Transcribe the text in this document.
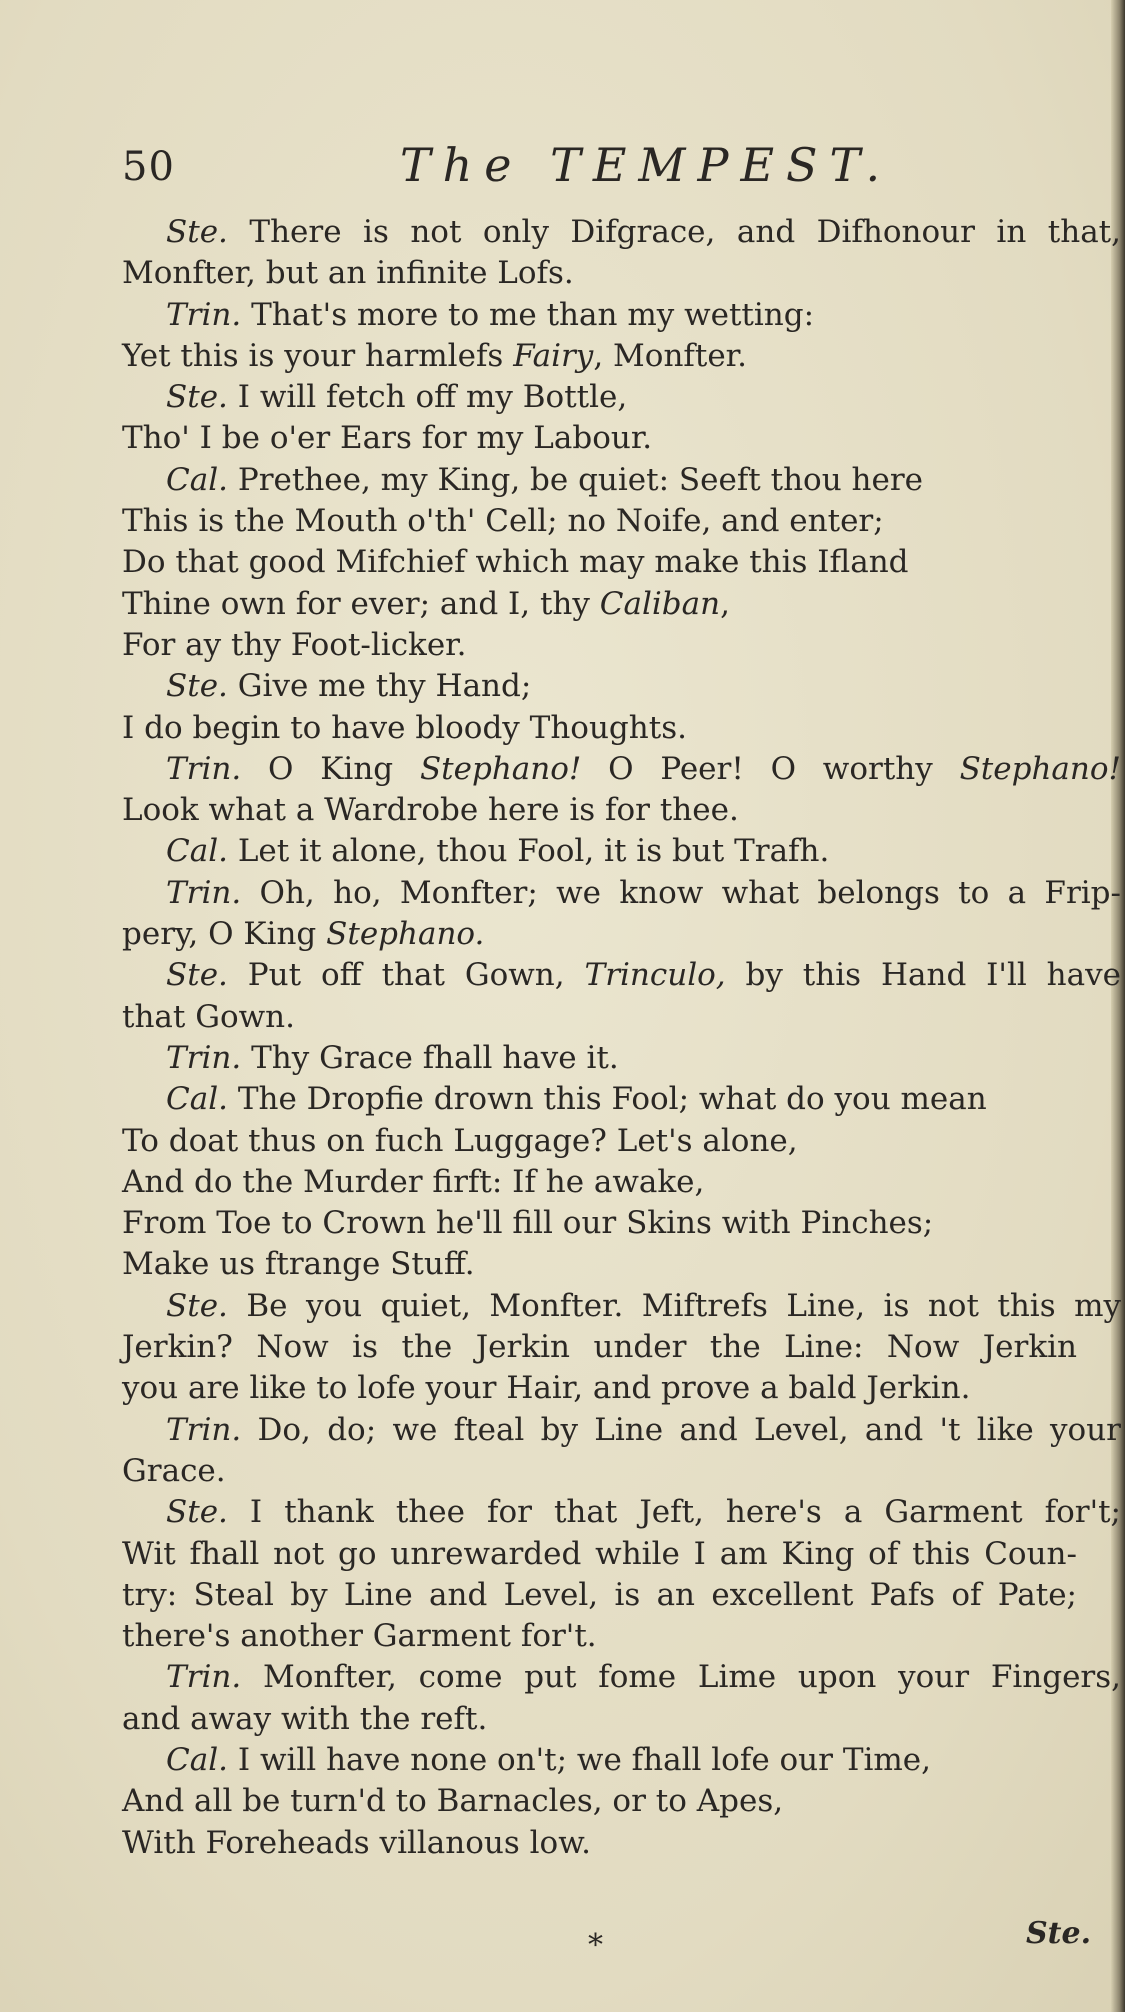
50	The TEMPEST.
Ste. There is not only Difgrace, and Difhonour in that,
Monfter, but an infinite Lofs.
Trin. That's more to me than my wetting:
Yet this is your harmlefs Fairy, Monfter.
Ste. I will fetch off my Bottle,
Tho' I be o'er Ears for my Labour.
Cal. Prethee, my King, be quiet: Seeft thou here
This is the Mouth o'th' Cell; no Noife, and enter;
Do that good Mifchief which may make this Ifland
Thine own for ever; and I, thy Caliban,
For ay thy Foot-licker.
Ste. Give me thy Hand;
I do begin to have bloody Thoughts.
Trin. O King Stephano! O Peer! O worthy Stephano!
Look what a Wardrobe here is for thee.
Cal. Let it alone, thou Fool, it is but Trafh.
Trin. Oh, ho, Monfter; we know what belongs to a Frip-
pery, O King Stephano.
Ste. Put off that Gown, Trinculo, by this Hand I'll have
that Gown.
Trin. Thy Grace fhall have it.
Cal. The Dropfie drown this Fool; what do you mean
To doat thus on fuch Luggage? Let's alone,
And do the Murder firft: If he awake,
From Toe to Crown he'll fill our Skins with Pinches;
Make us ftrange Stuff.
Ste. Be you quiet, Monfter. Miftrefs Line, is not this my
Jerkin? Now is the Jerkin under the Line: Now Jerkin
you are like to lofe your Hair, and prove a bald Jerkin.
Trin. Do, do; we fteal by Line and Level, and 't like your
Grace.
Ste. I thank thee for that Jeft, here's a Garment for't;
Wit fhall not go unrewarded while I am King of this Coun-
try: Steal by Line and Level, is an excellent Pafs of Pate;
there's another Garment for't.
Trin. Monfter, come put fome Lime upon your Fingers,
and away with the reft.
Cal. I will have none on't; we fhall lofe our Time,
And all be turn'd to Barnacles, or to Apes,
With Foreheads villanous low.
*	Ste.
